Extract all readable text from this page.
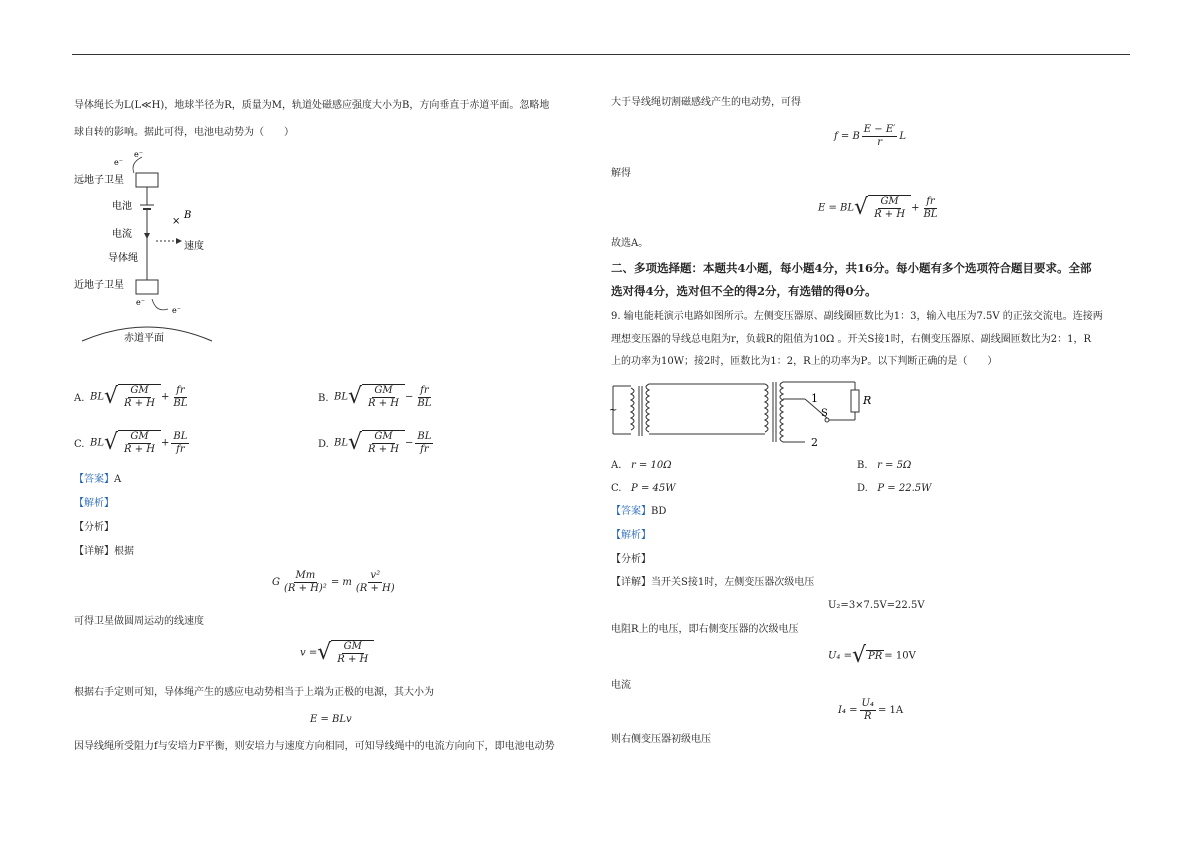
导体绳长为L(L≪H)，地球半径为R，质量为M，轨道处磁感应强度大小为B，方向垂直于赤道平面。忽略地
球自转的影响。据此可得，电池电动势为（　　）
e⁻
e⁻
远地子卫星
电池
电流
×
B
速度
导体绳
近地子卫星
e⁻
e⁻
赤道平面
A. BL √ $\frac{GM}{R + H} + \frac{fr}{BL}$	B. BL √ $\frac{GM}{R + H} - \frac{fr}{BL}$
C. BL √ $\frac{GM}{R + H} + \frac{BL}{fr}$	D. BL √ $\frac{GM}{R + H} - \frac{BL}{fr}$
【答案】A
【解析】
【分析】
【详解】根据
G $\frac{Mm}{\text{(R + H)²}} = m \frac{\text{v²}}{(R + H)}$
可得卫星做圆周运动的线速度
v = √ $\frac{GM}{R + H}$
根据右手定则可知，导体绳产生的感应电动势相当于上端为正极的电源，其大小为
E = BLv
因导线绳所受阻力f与安培力F平衡，则安培力与速度方向相同，可知导线绳中的电流方向向下，即电池电动势
大于导线绳切割磁感线产生的电动势，可得
f = B $\frac{E - E'}{r}$ L
解得
E = BL √ $\frac{GM}{R + H} + \frac{fr}{BL}$
故选A。
二、多项选择题：本题共4小题，每小题4分，共16分。每小题有多个选项符合题目要求。全部
选对得4分，选对但不全的得2分，有选错的得0分。
9. 输电能耗演示电路如图所示。左侧变压器原、副线圈匝数比为1：3，输入电压为7.5V 的正弦交流电。连接两
理想变压器的导线总电阻为r，负载R的阻值为10Ω 。开关S接1时，右侧变压器原、副线圈匝数比为2：1，R
上的功率为10W；接2时，匝数比为1：2，R上的功率为P。以下判断正确的是（　　）
~
1
2
S
R
A. r = 10Ω	B. r = 5Ω
C. P = 45W	D. P = 22.5W
【答案】BD
【解析】
【分析】
【详解】当开关S接1时，左侧变压器次级电压
U₂=3×7.5V=22.5V
电阻R上的电压，即右侧变压器的次级电压
U₄ = √ PR = 10V
电流
$I_4 = \frac{\text{U₄}}{R} = 1A$
则右侧变压器初级电压
